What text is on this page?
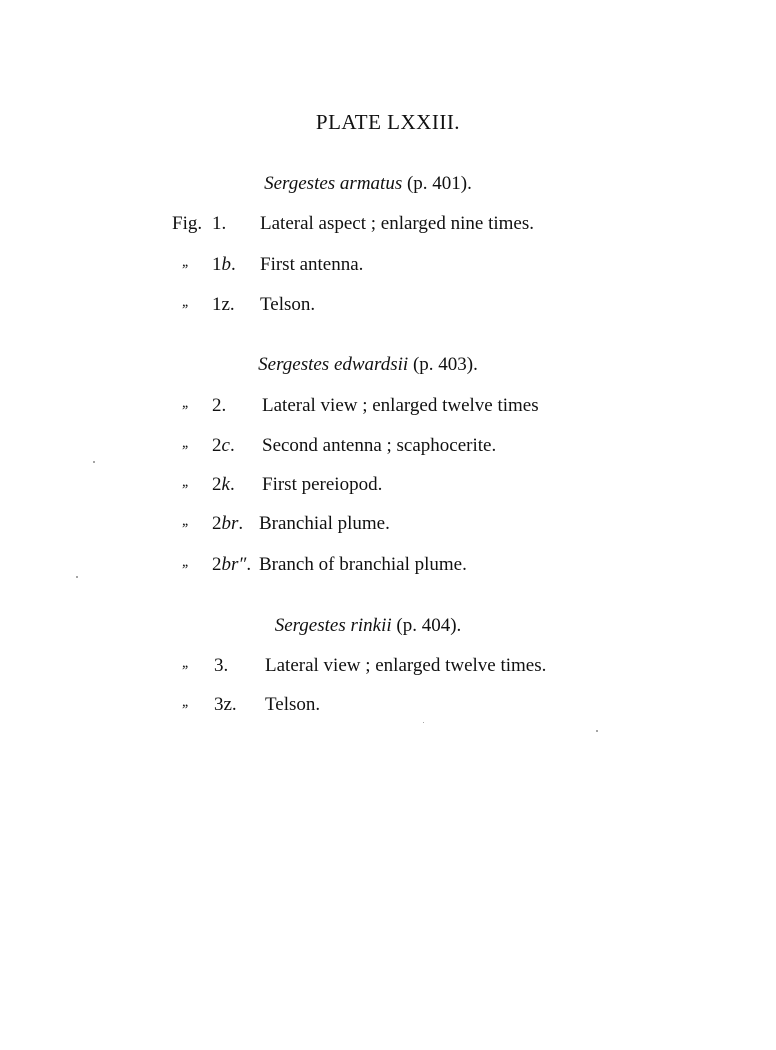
PLATE LXXIII.
Sergestes armatus (p. 401).
Fig. 1. Lateral aspect ; enlarged nine times.
,, 1b. First antenna.
,, 1z. Telson.
Sergestes edwardsii (p. 403).
,, 2. Lateral view ; enlarged twelve times
,, 2c. Second antenna ; scaphocerite.
,, 2k. First pereiopod.
,, 2br. Branchial plume.
,, 2br″. Branch of branchial plume.
Sergestes rinkii (p. 404).
,, 3. Lateral view ; enlarged twelve times.
,, 3z. Telson.
